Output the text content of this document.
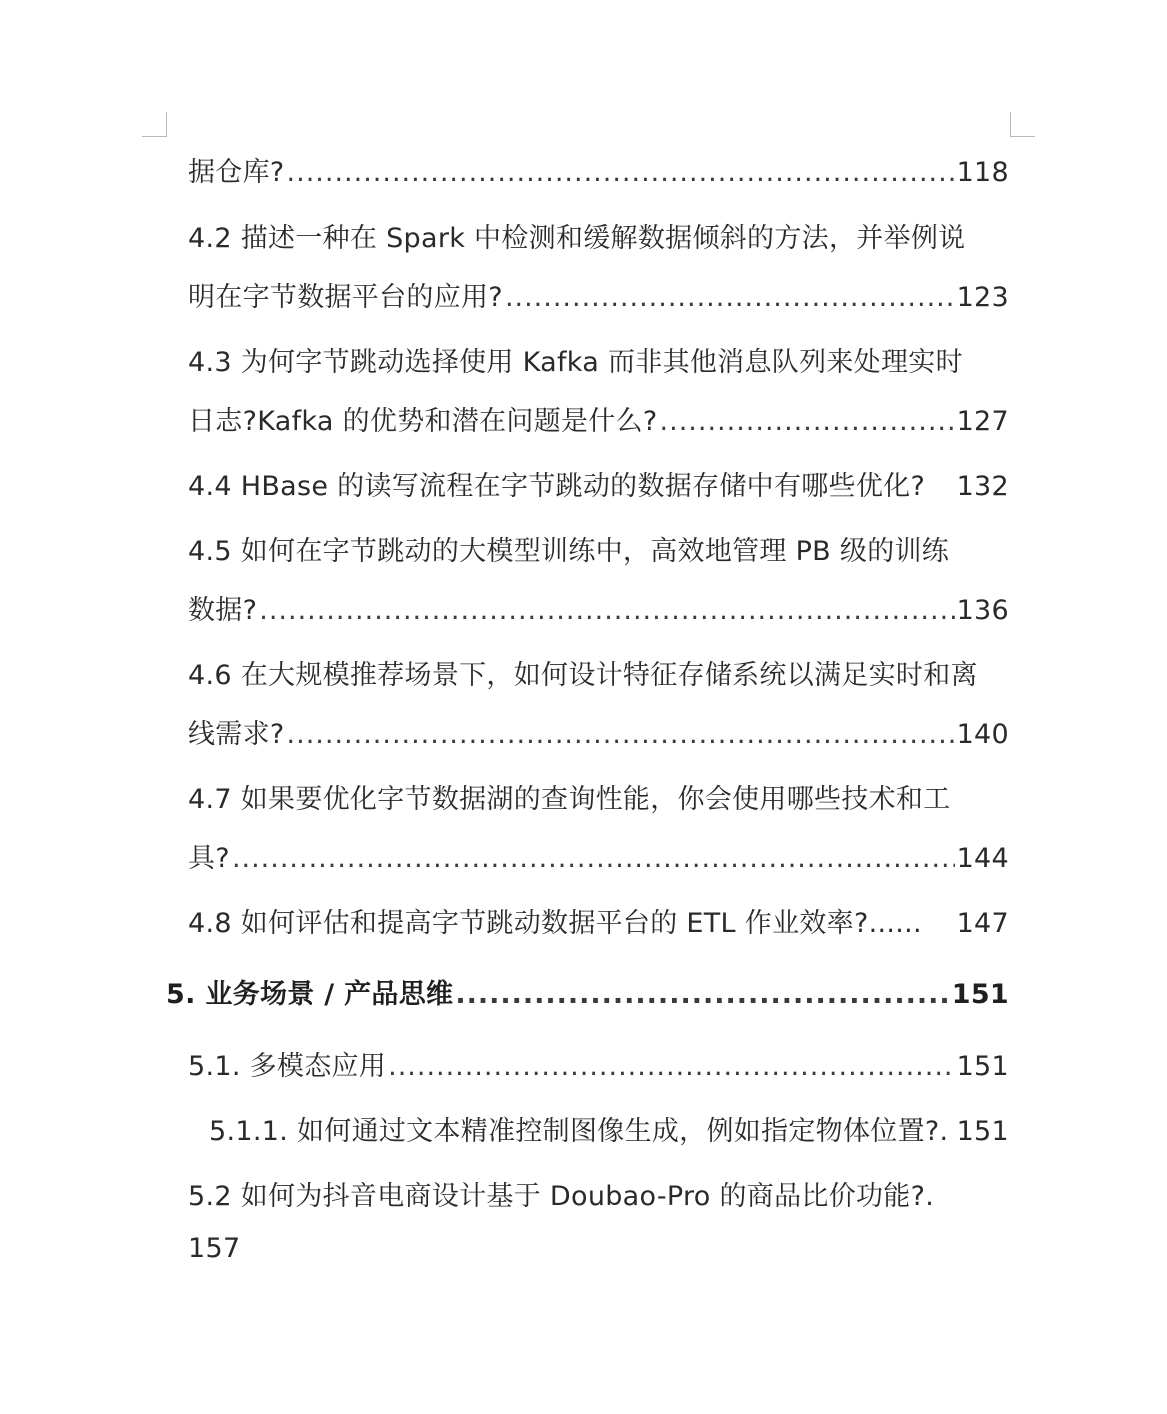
据仓库? .....	118
4.2 描述一种在 Spark 中检测和缓解数据倾斜的方法，并举例说
明在字节数据平台的应用? .....	123
4.3 为何字节跳动选择使用 Kafka 而非其他消息队列来处理实时
日志?Kafka 的优势和潜在问题是什么? .....	127
4.4 HBase 的读写流程在字节跳动的数据存储中有哪些优化? 132
4.5 如何在字节跳动的大模型训练中，高效地管理 PB 级的训练
数据? .....	136
4.6 在大规模推荐场景下，如何设计特征存储系统以满足实时和离
线需求? .....	140
4.7 如果要优化字节数据湖的查询性能，你会使用哪些技术和工
具? .....	144
4.8 如何评估和提高字节跳动数据平台的 ETL 作业效率?...... 147
5. 业务场景 / 产品思维 .....	151
5.1. 多模态应用 .....	151
5.1.1. 如何通过文本精准控制图像生成，例如指定物体位置?. 151
5.2 如何为抖音电商设计基于 Doubao-Pro 的商品比价功能?.
157
